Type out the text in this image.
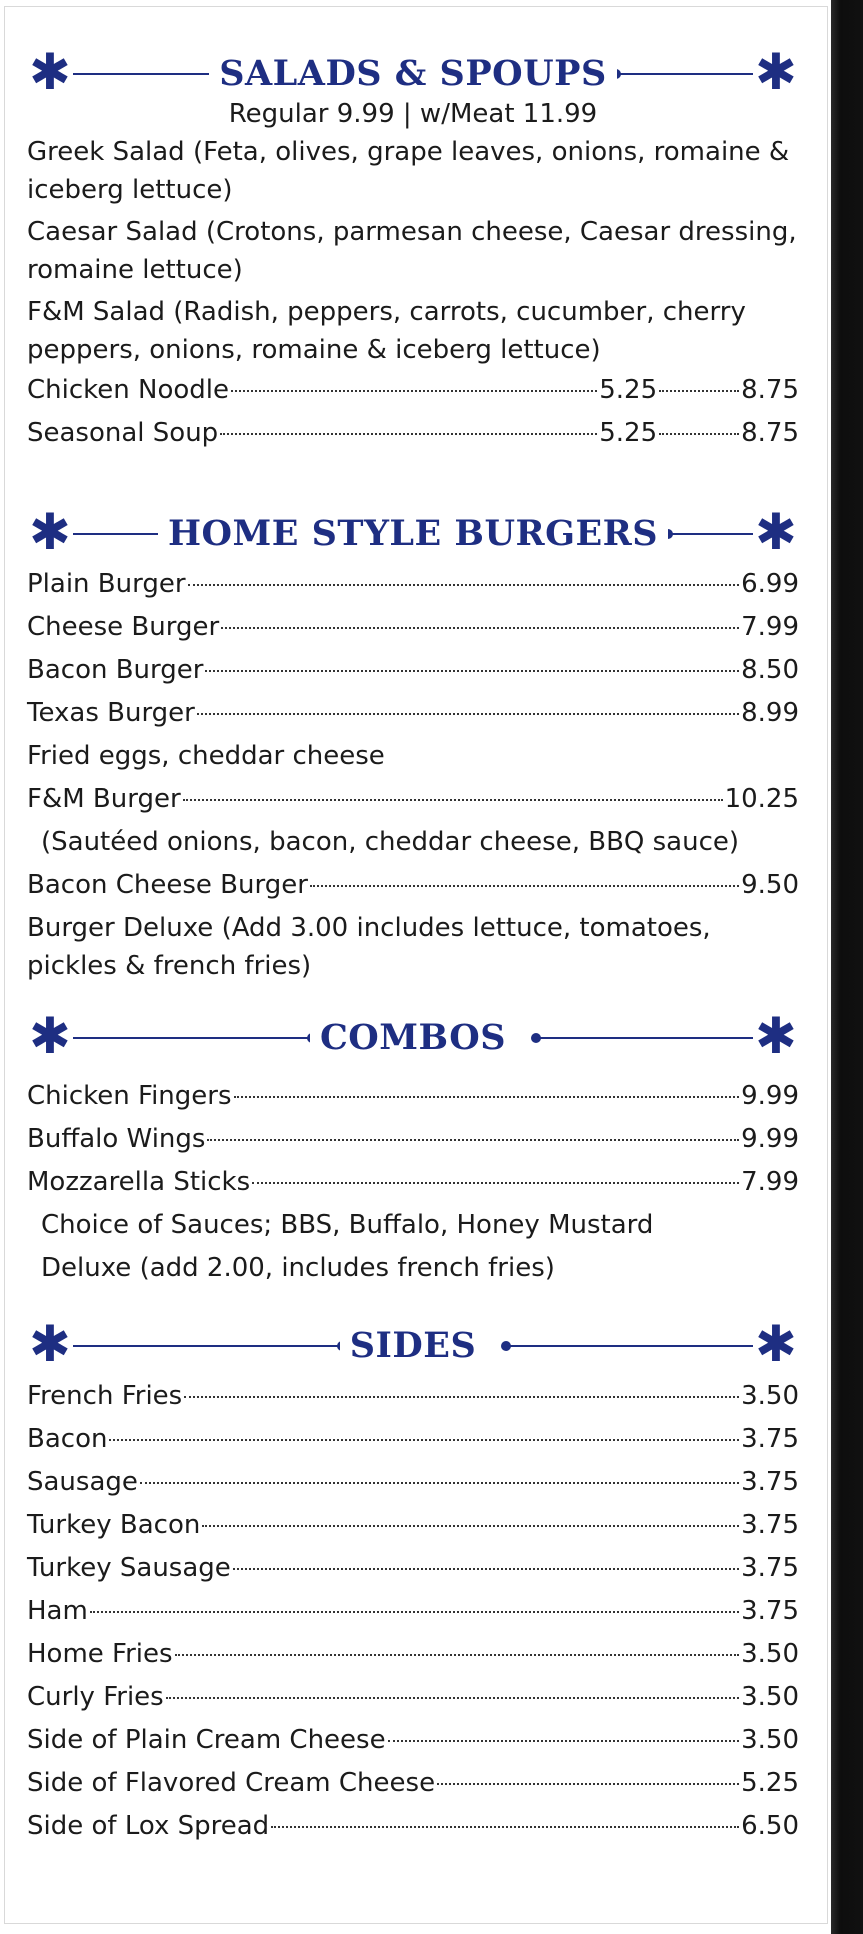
✱	✱
SALADS & SPOUPS
Regular 9.99 | w/Meat 11.99
Greek Salad (Feta, olives, grape leaves, onions, romaine & iceberg lettuce)
Caesar Salad (Crotons, parmesan cheese, Caesar dressing, romaine lettuce)
F&M Salad (Radish, peppers, carrots, cucumber, cherry peppers, onions, romaine & iceberg lettuce)
Chicken Noodle	5.25	8.75
Seasonal Soup	5.25	8.75
✱	✱
HOME STYLE BURGERS
Plain Burger	6.99
Cheese Burger	7.99
Bacon Burger	8.50
Texas Burger	8.99
Fried eggs, cheddar cheese
F&M Burger	10.25
(Sautéed onions, bacon, cheddar cheese, BBQ sauce)
Bacon Cheese Burger	9.50
Burger Deluxe (Add 3.00 includes lettuce, tomatoes, pickles & french fries)
✱	✱
COMBOS
Chicken Fingers	9.99
Buffalo Wings	9.99
Mozzarella Sticks	7.99
Choice of Sauces; BBS, Buffalo, Honey Mustard
Deluxe (add 2.00, includes french fries)
✱	✱
SIDES
French Fries	3.50
Bacon	3.75
Sausage	3.75
Turkey Bacon	3.75
Turkey Sausage	3.75
Ham	3.75
Home Fries	3.50
Curly Fries	3.50
Side of Plain Cream Cheese	3.50
Side of Flavored Cream Cheese	5.25
Side of Lox Spread	6.50
